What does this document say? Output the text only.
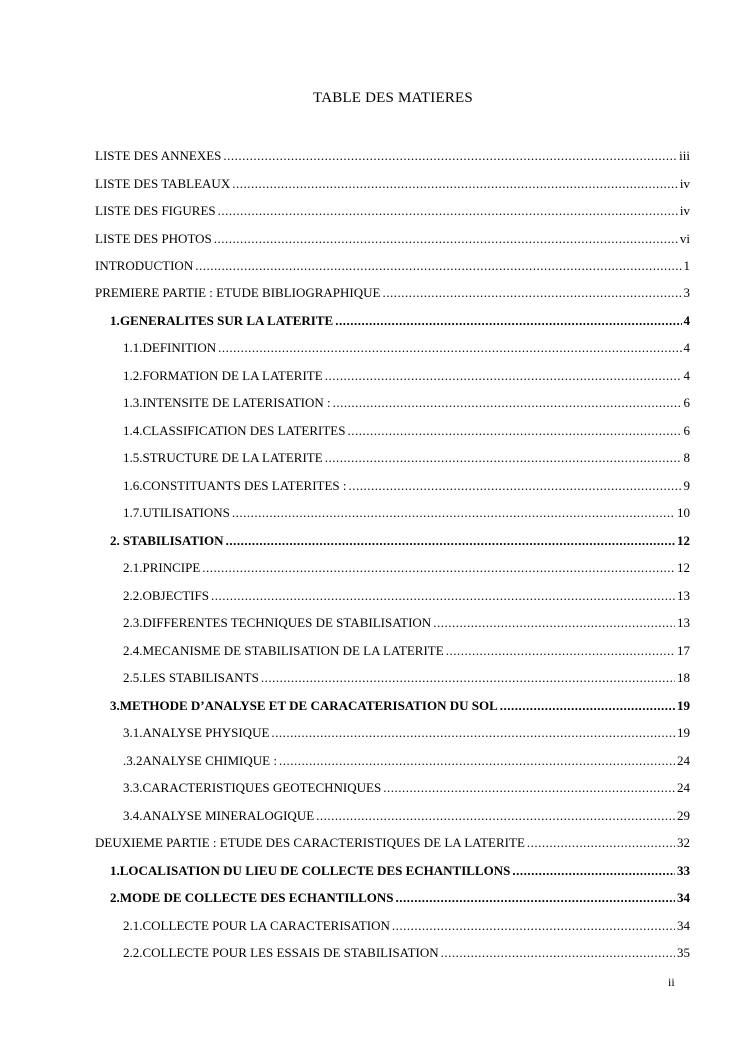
TABLE DES MATIERES
LISTE DES ANNEXES .....	iii
LISTE DES TABLEAUX .....	iv
LISTE DES FIGURES .....	iv
LISTE DES PHOTOS .....	vi
INTRODUCTION .....	1
PREMIERE PARTIE : ETUDE BIBLIOGRAPHIQUE .....	3
1. GENERALITES SUR LA LATERITE .....	4
1.1. DEFINITION .....	4
1.2. FORMATION DE LA LATERITE .....	4
1.3. INTENSITE DE LATERISATION : .....	6
1.4. CLASSIFICATION DES LATERITES .....	6
1.5. STRUCTURE DE LA LATERITE .....	8
1.6. CONSTITUANTS DES LATERITES : .....	9
1.7. UTILISATIONS .....	10
2. STABILISATION .....	12
2.1. PRINCIPE .....	12
2.2. OBJECTIFS .....	13
2.3. DIFFERENTES TECHNIQUES DE STABILISATION .....	13
2.4. MECANISME DE STABILISATION DE LA LATERITE .....	17
2.5. LES STABILISANTS .....	18
3. METHODE D’ANALYSE ET DE CARACATERISATION DU SOL .....	19
3.1. ANALYSE PHYSIQUE .....	19
.3.2 ANALYSE CHIMIQUE : .....	24
3.3. CARACTERISTIQUES GEOTECHNIQUES .....	24
3.4. ANALYSE MINERALOGIQUE .....	29
DEUXIEME PARTIE : ETUDE DES CARACTERISTIQUES DE LA LATERITE .....	32
1. LOCALISATION DU LIEU DE COLLECTE DES ECHANTILLONS .....	33
2. MODE DE COLLECTE DES ECHANTILLONS .....	34
2.1. COLLECTE POUR LA CARACTERISATION .....	34
2.2. COLLECTE POUR LES ESSAIS DE STABILISATION .....	35
ii
